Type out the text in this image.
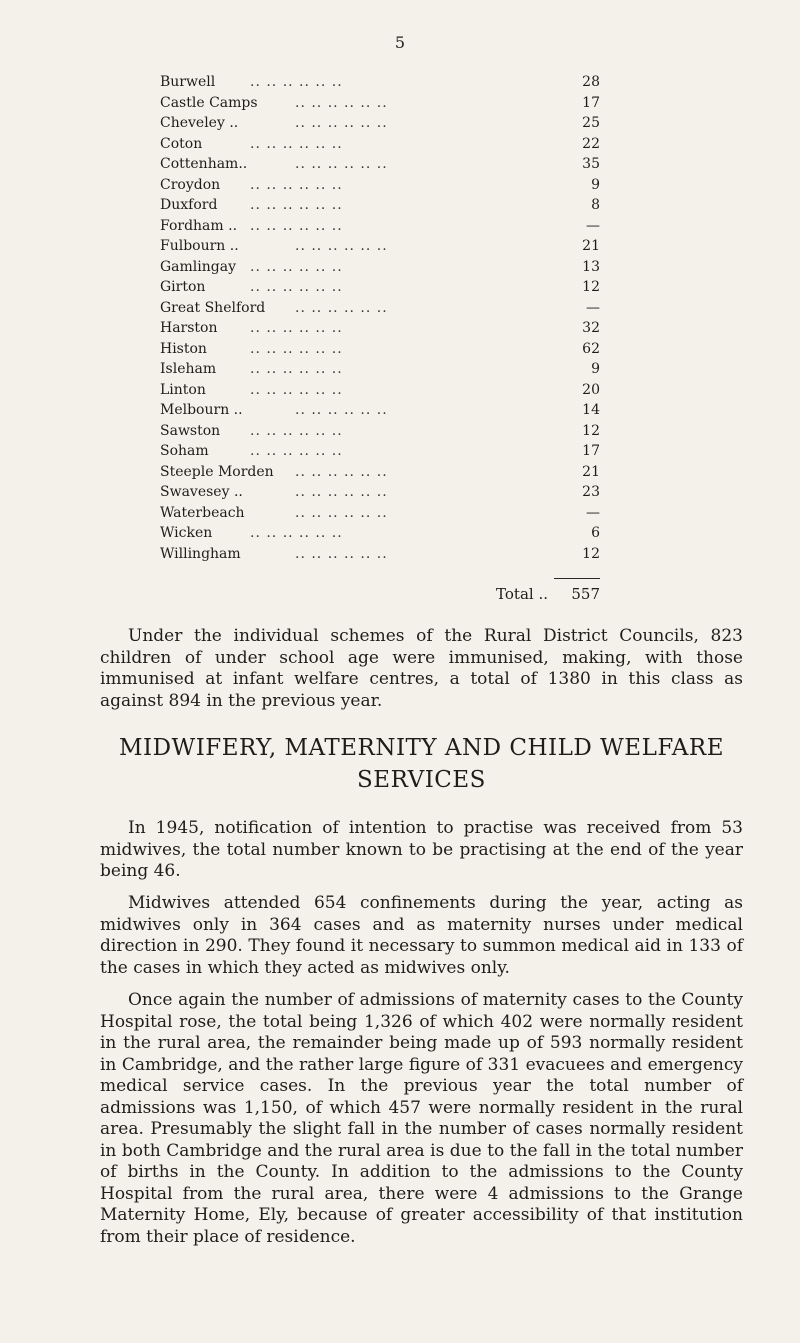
5
Burwell .. .. .. .. .. ..	28
Castle Camps	.. .. .. .. .. ..	17
Cheveley ..	.. .. .. .. .. ..	25
Coton	.. .. .. .. .. ..	22
Cottenham..	.. .. .. .. .. ..	35
Croydon .. .. .. .. .. ..	9
Duxford .. .. .. .. .. ..	8
Fordham .. .. .. .. .. .. ..	—
Fulbourn ..	.. .. .. .. .. ..	21
Gamlingay .. .. .. .. .. ..	13
Girton	.. .. .. .. .. ..	12
Great Shelford .. .. .. .. .. ..	—
Harston .. .. .. .. .. ..	32
Histon	.. .. .. .. .. ..	62
Isleham .. .. .. .. .. ..	9
Linton	.. .. .. .. .. ..	20
Melbourn ..	.. .. .. .. .. ..	14
Sawston .. .. .. .. .. ..	12
Soham	.. .. .. .. .. ..	17
Steeple Morden .. .. .. .. .. ..	21
Swavesey ..	.. .. .. .. .. ..	23
Waterbeach	.. .. .. .. .. ..	—
Wicken	.. .. .. .. .. ..	6
Willingham	.. .. .. .. .. ..	12
Total ..	557

Under the individual schemes of the Rural District Councils, 823 children of under school age were immunised, making, with those immunised at infant welfare centres, a total of 1380 in this class as against 894 in the previous year.

MIDWIFERY, MATERNITY AND CHILD WELFARE SERVICES

In 1945, notification of intention to practise was received from 53 midwives, the total number known to be practising at the end of the year being 46.

Midwives attended 654 confinements during the year, acting as midwives only in 364 cases and as maternity nurses under medical direction in 290. They found it necessary to summon medical aid in 133 of the cases in which they acted as midwives only.

Once again the number of admissions of maternity cases to the County Hospital rose, the total being 1,326 of which 402 were normally resident in the rural area, the remainder being made up of 593 normally resident in Cambridge, and the rather large figure of 331 evacuees and emergency medical service cases. In the previous year the total number of admissions was 1,150, of which 457 were normally resident in the rural area. Presumably the slight fall in the number of cases normally resident in both Cambridge and the rural area is due to the fall in the total number of births in the County. In addition to the admissions to the County Hospital from the rural area, there were 4 admissions to the Grange Maternity Home, Ely, because of greater accessibility of that institution from their place of residence.
